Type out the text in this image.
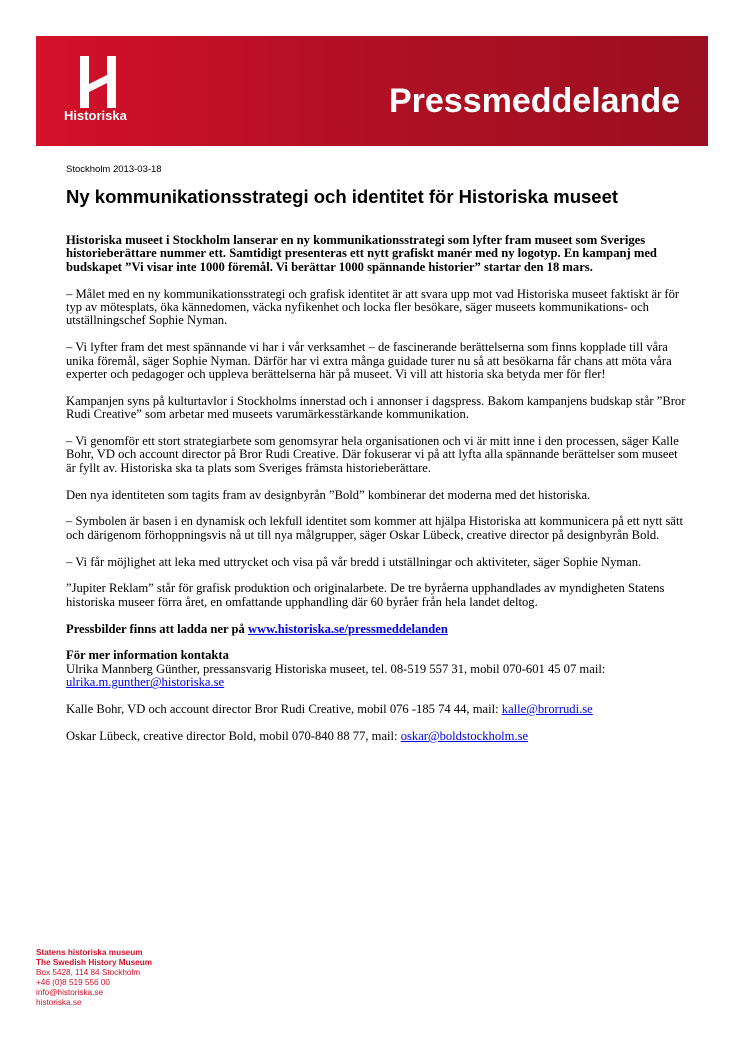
Historiska	Pressmeddelande
Stockholm 2013-03-18
Ny kommunikationsstrategi och identitet för Historiska museet

Historiska museet i Stockholm lanserar en ny kommunikationsstrategi som lyfter fram museet som Sveriges historieberättare nummer ett. Samtidigt presenteras ett nytt grafiskt manér med ny logotyp. En kampanj med budskapet ”Vi visar inte 1000 föremål. Vi berättar 1000 spännande historier” startar den 18 mars.

– Målet med en ny kommunikationsstrategi och grafisk identitet är att svara upp mot vad Historiska museet faktiskt är för typ av mötesplats, öka kännedomen, väcka nyfikenhet och locka fler besökare, säger museets kommunikations- och utställningschef Sophie Nyman.

– Vi lyfter fram det mest spännande vi har i vår verksamhet – de fascinerande berättelserna som finns kopplade till våra unika föremål, säger Sophie Nyman. Därför har vi extra många guidade turer nu så att besökarna får chans att möta våra experter och pedagoger och uppleva berättelserna här på museet. Vi vill att historia ska betyda mer för fler!

Kampanjen syns på kulturtavlor i Stockholms innerstad och i annonser i dagspress. Bakom kampanjens budskap står ”Bror Rudi Creative” som arbetar med museets varumärkesstärkande kommunikation.

– Vi genomför ett stort strategiarbete som genomsyrar hela organisationen och vi är mitt inne i den processen, säger Kalle Bohr, VD och account director på Bror Rudi Creative. Där fokuserar vi på att lyfta alla spännande berättelser som museet är fyllt av. Historiska ska ta plats som Sveriges främsta historieberättare.

Den nya identiteten som tagits fram av designbyrån ”Bold” kombinerar det moderna med det historiska.

– Symbolen är basen i en dynamisk och lekfull identitet som kommer att hjälpa Historiska att kommunicera på ett nytt sätt och därigenom förhoppningsvis nå ut till nya målgrupper, säger Oskar Lübeck, creative director på designbyrån Bold.

– Vi får möjlighet att leka med uttrycket och visa på vår bredd i utställningar och aktiviteter, säger Sophie Nyman.

”Jupiter Reklam” står för grafisk produktion och originalarbete. De tre byråerna upphandlades av myndigheten Statens historiska museer förra året, en omfattande upphandling där 60 byråer från hela landet deltog.

Pressbilder finns att ladda ner på www.historiska.se/pressmeddelanden

För mer information kontakta
Ulrika Mannberg Günther, pressansvarig Historiska museet, tel. 08-519 557 31, mobil 070-601 45 07 mail:
ulrika.m.gunther@historiska.se

Kalle Bohr, VD och account director Bror Rudi Creative, mobil 076 -185 74 44, mail: kalle@brorrudi.se

Oskar Lübeck, creative director Bold, mobil 070-840 88 77, mail: oskar@boldstockholm.se

Statens historiska museum
The Swedish History Museum
Box 5428, 114 84 Stockholm
+46 (0)8 519 556 00
info@historiska.se
historiska.se
